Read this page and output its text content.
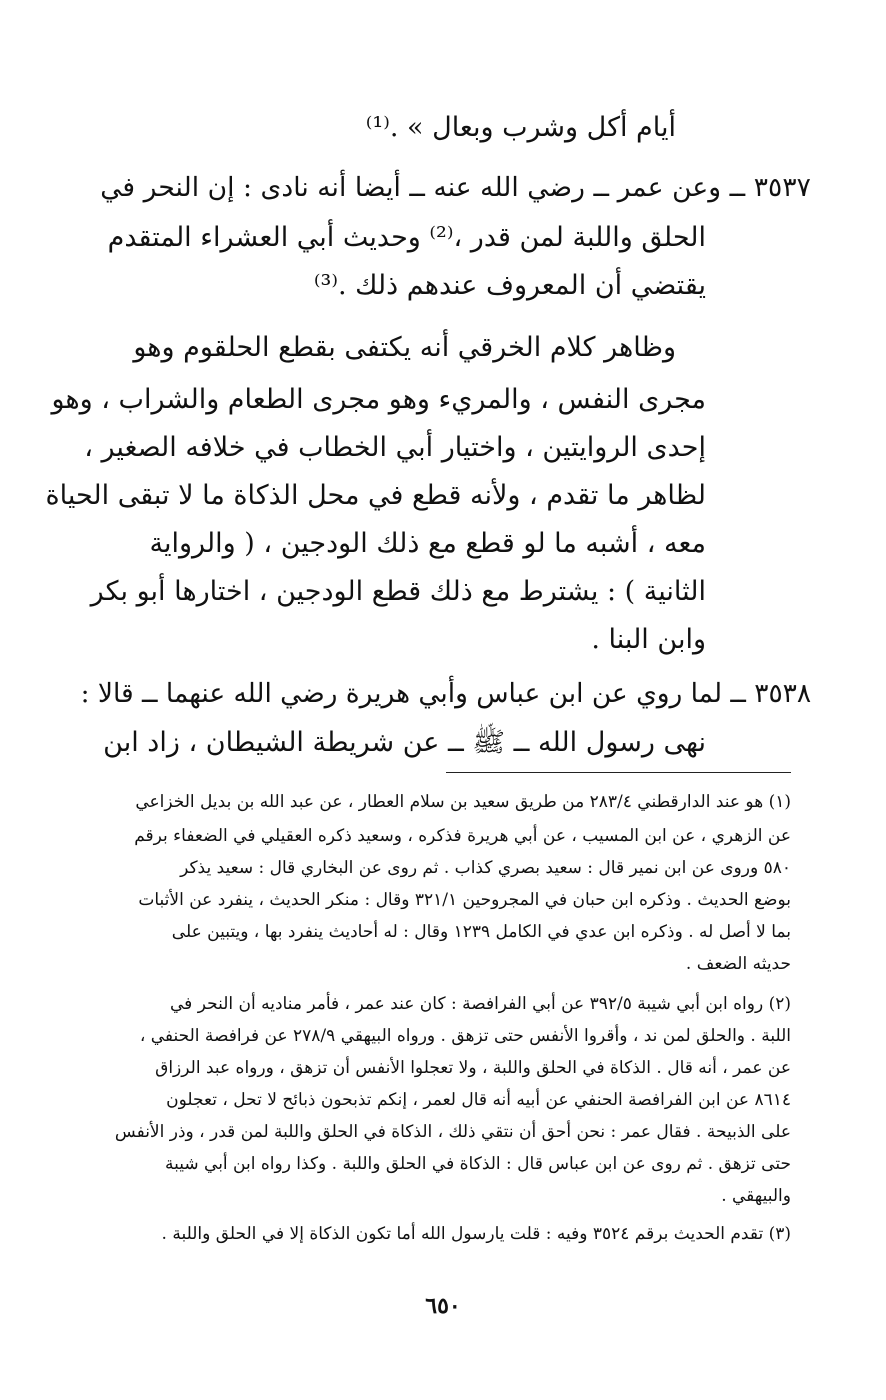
أيام أكل وشرب وبعال » .⁽¹⁾
٣٥٣٧ ــ وعن عمر ــ رضي الله عنه ــ أيضا أنه نادى : إن النحر في
الحلق واللبة لمن قدر ،⁽²⁾ وحديث أبي العشراء المتقدم
يقتضي أن المعروف عندهم ذلك .⁽³⁾
وظاهر كلام الخرقي أنه يكتفى بقطع الحلقوم وهو
مجرى النفس ، والمريء وهو مجرى الطعام والشراب ، وهو
إحدى الروايتين ، واختيار أبي الخطاب في خلافه الصغير ،
لظاهر ما تقدم ، ولأنه قطع في محل الذكاة ما لا تبقى الحياة
معه ، أشبه ما لو قطع مع ذلك الودجين ، ( والرواية
الثانية ) : يشترط مع ذلك قطع الودجين ، اختارها أبو بكر
وابن البنا .
٣٥٣٨ ــ لما روي عن ابن عباس وأبي هريرة رضي الله عنهما ــ قالا :
نهى رسول الله ــ ﷺ ــ عن شريطة الشيطان ، زاد ابن
(١) هو عند الدارقطني ٢٨٣/٤ من طريق سعيد بن سلام العطار ، عن عبد الله بن بديل الخزاعي
عن الزهري ، عن ابن المسيب ، عن أبي هريرة فذكره ، وسعيد ذكره العقيلي في الضعفاء برقم
٥٨٠ وروى عن ابن نمير قال : سعيد بصري كذاب . ثم روى عن البخاري قال : سعيد يذكر
بوضع الحديث . وذكره ابن حبان في المجروحين ٣٢١/١ وقال : منكر الحديث ، ينفرد عن الأثبات
بما لا أصل له . وذكره ابن عدي في الكامل ١٢٣٩ وقال : له أحاديث ينفرد بها ، ويتبين على
حديثه الضعف .
(٢) رواه ابن أبي شيبة ٣٩٢/٥ عن أبي الفرافصة : كان عند عمر ، فأمر مناديه أن النحر في
اللبة . والحلق لمن ند ، وأقروا الأنفس حتى تزهق . ورواه البيهقي ٢٧٨/٩ عن فرافصة الحنفي ،
عن عمر ، أنه قال . الذكاة في الحلق واللبة ، ولا تعجلوا الأنفس أن تزهق ، ورواه عبد الرزاق
٨٦١٤ عن ابن الفرافصة الحنفي عن أبيه أنه قال لعمر ، إنكم تذبحون ذبائح لا تحل ، تعجلون
على الذبيحة . فقال عمر : نحن أحق أن نتقي ذلك ، الذكاة في الحلق واللبة لمن قدر ، وذر الأنفس
حتى تزهق . ثم روى عن ابن عباس قال : الذكاة في الحلق واللبة . وكذا رواه ابن أبي شيبة
والبيهقي .
(٣) تقدم الحديث برقم ٣٥٢٤ وفيه : قلت يارسول الله أما تكون الذكاة إلا في الحلق واللبة .
٦٥٠
